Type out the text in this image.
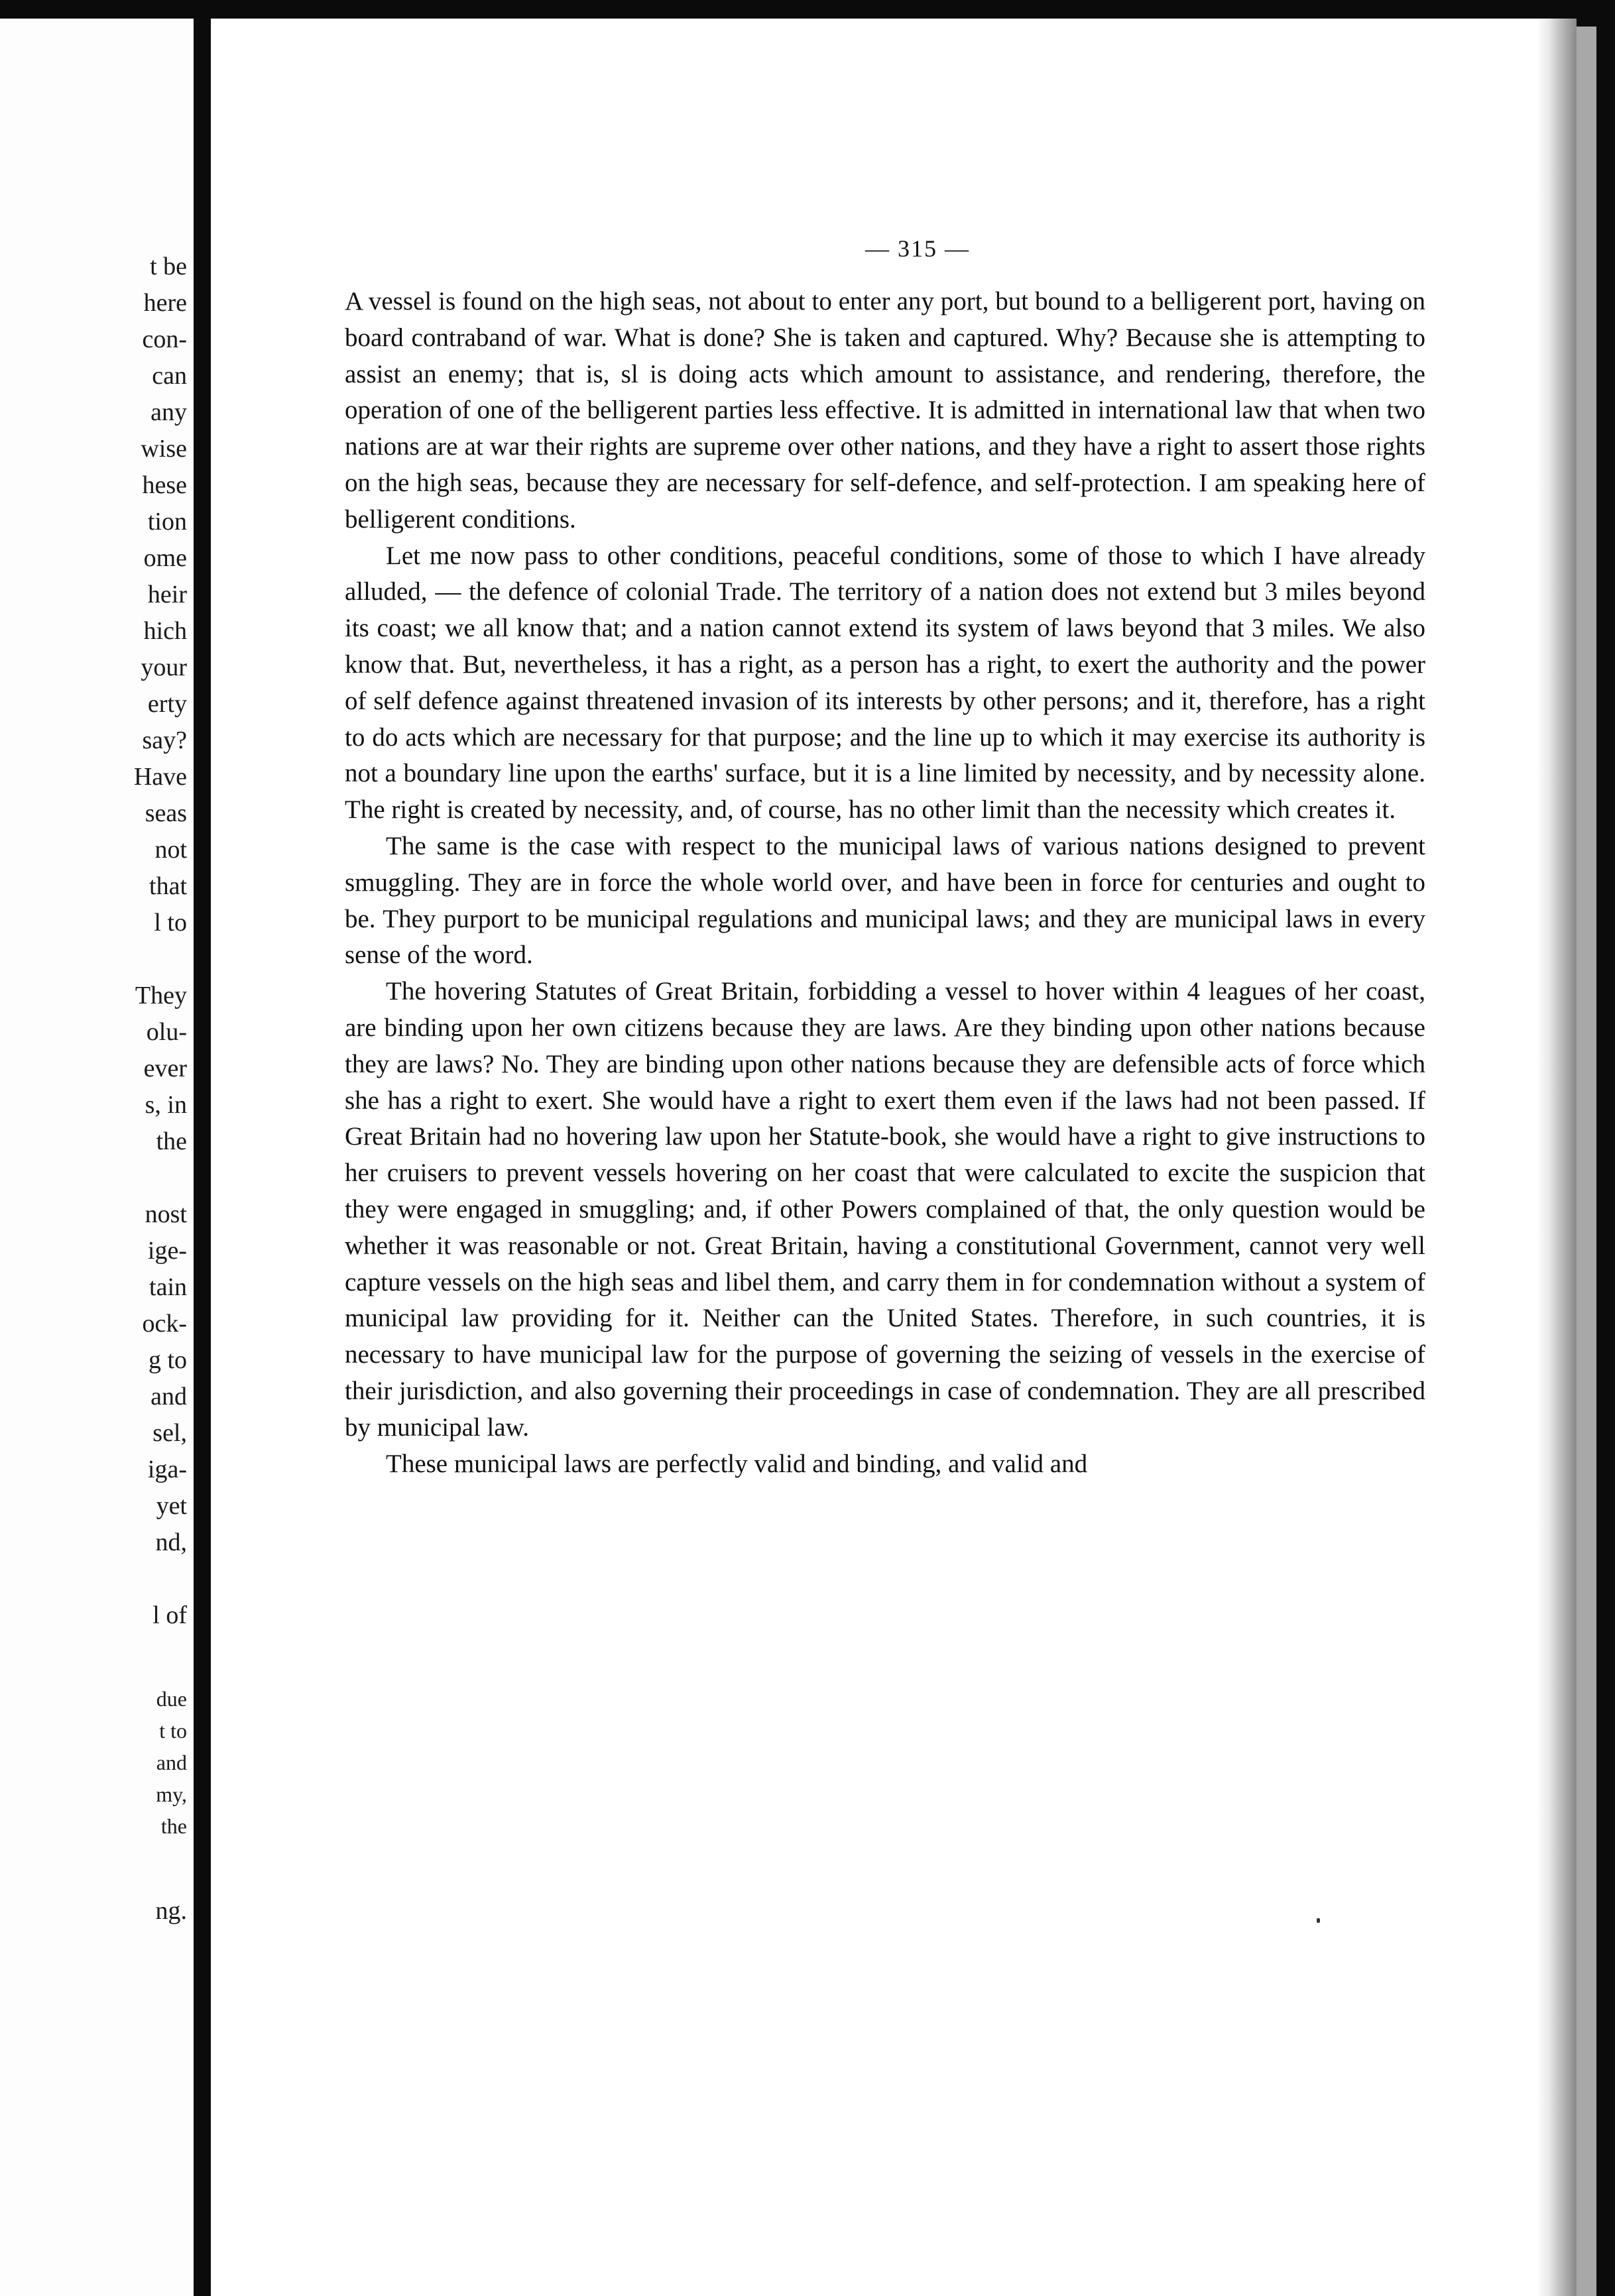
t be
here
con-
can
any
wise
hese
tion
ome
heir
hich
your
erty
say?
Have
seas
not
that
l to
They
olu-
ever
s, in
the
nost
ige-
tain
ock-
g to
and
sel,
iga-
yet
nd,
l of
due
t to
and
my,
the
ng.
— 315 —

A vessel is found on the high seas, not about to enter any port, but bound to a belligerent port, having on board contraband of war. What is done? She is taken and captured. Why? Because she is attempting to assist an enemy; that is, sl is doing acts which amount to assistance, and rendering, therefore, the operation of one of the belligerent parties less effective. It is admitted in international law that when two nations are at war their rights are supreme over other nations, and they have a right to assert those rights on the high seas, because they are necessary for self-defence, and self-protection. I am speaking here of belligerent conditions.

Let me now pass to other conditions, peaceful conditions, some of those to which I have already alluded, — the defence of colonial Trade. The territory of a nation does not extend but 3 miles beyond its coast; we all know that; and a nation cannot extend its system of laws beyond that 3 miles. We also know that. But, nevertheless, it has a right, as a person has a right, to exert the authority and the power of self defence against threatened invasion of its interests by other persons; and it, therefore, has a right to do acts which are necessary for that purpose; and the line up to which it may exercise its authority is not a boundary line upon the earths' surface, but it is a line limited by necessity, and by necessity alone. The right is created by necessity, and, of course, has no other limit than the necessity which creates it.

The same is the case with respect to the municipal laws of various nations designed to prevent smuggling. They are in force the whole world over, and have been in force for centuries and ought to be. They purport to be municipal regulations and municipal laws; and they are municipal laws in every sense of the word.

The hovering Statutes of Great Britain, forbidding a vessel to hover within 4 leagues of her coast, are binding upon her own citizens because they are laws. Are they binding upon other nations because they are laws? No. They are binding upon other nations because they are defensible acts of force which she has a right to exert. She would have a right to exert them even if the laws had not been passed. If Great Britain had no hovering law upon her Statute-book, she would have a right to give instructions to her cruisers to prevent vessels hovering on her coast that were calculated to excite the suspicion that they were engaged in smuggling; and, if other Powers complained of that, the only question would be whether it was reasonable or not. Great Britain, having a constitutional Government, cannot very well capture vessels on the high seas and libel them, and carry them in for condemnation without a system of municipal law providing for it. Neither can the United States. Therefore, in such countries, it is necessary to have municipal law for the purpose of governing the seizing of vessels in the exercise of their jurisdiction, and also governing their proceedings in case of condemnation. They are all prescribed by municipal law.

These municipal laws are perfectly valid and binding, and valid and
